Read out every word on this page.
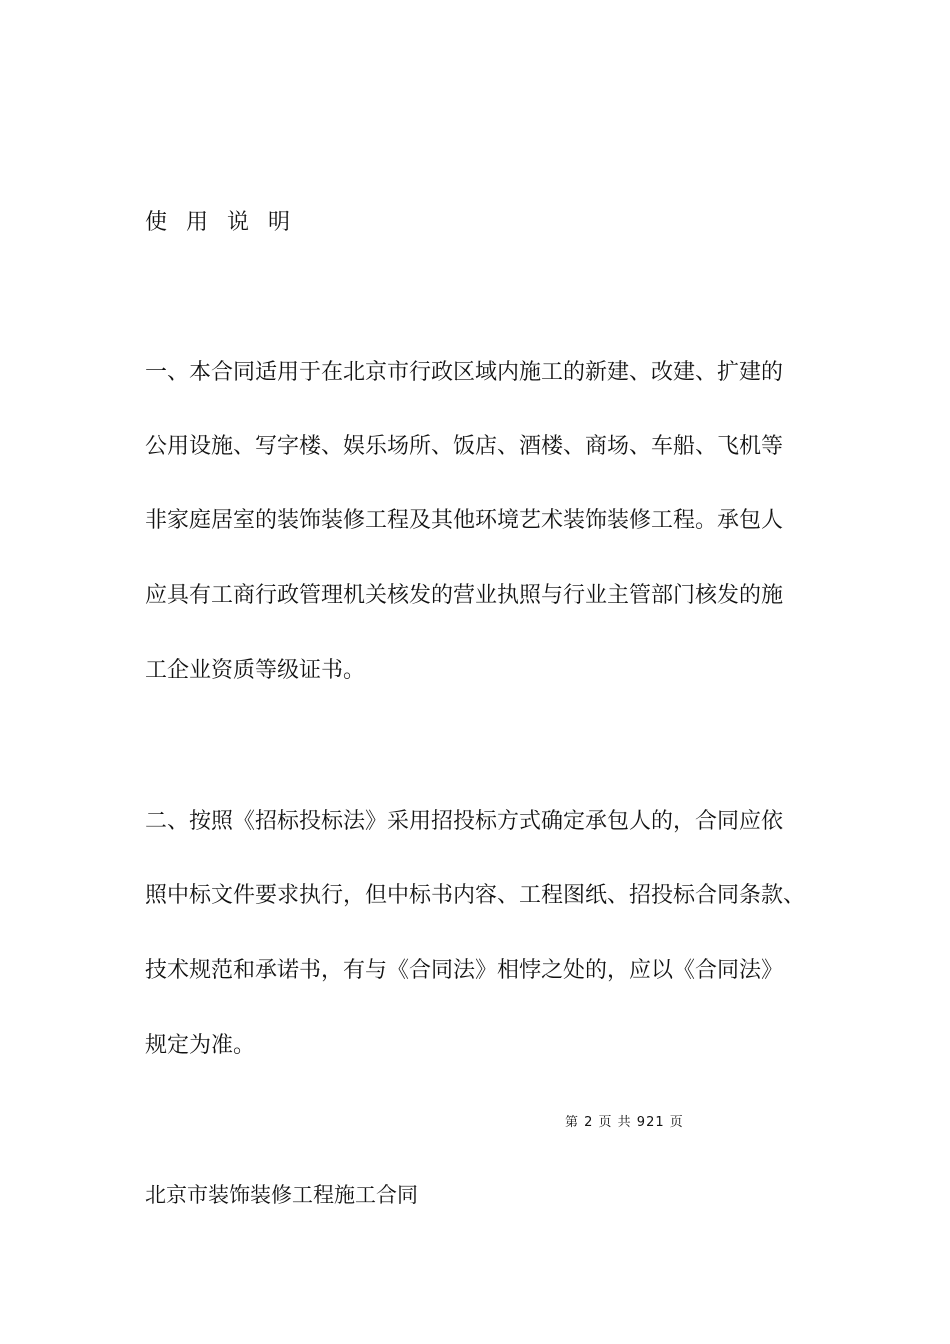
使 用 说 明
一、本合同适用于在北京市行政区域内施工的新建、改建、扩建的
公用设施、写字楼、娱乐场所、饭店、酒楼、商场、车船、飞机等
非家庭居室的装饰装修工程及其他环境艺术装饰装修工程。承包人
应具有工商行政管理机关核发的营业执照与行业主管部门核发的施
工企业资质等级证书。
二、按照《招标投标法》采用招投标方式确定承包人的，合同应依
照中标文件要求执行，但中标书内容、工程图纸、招投标合同条款、
技术规范和承诺书，有与《合同法》相悖之处的，应以《合同法》
规定为准。
第 2 页 共 921 页
北京市装饰装修工程施工合同
